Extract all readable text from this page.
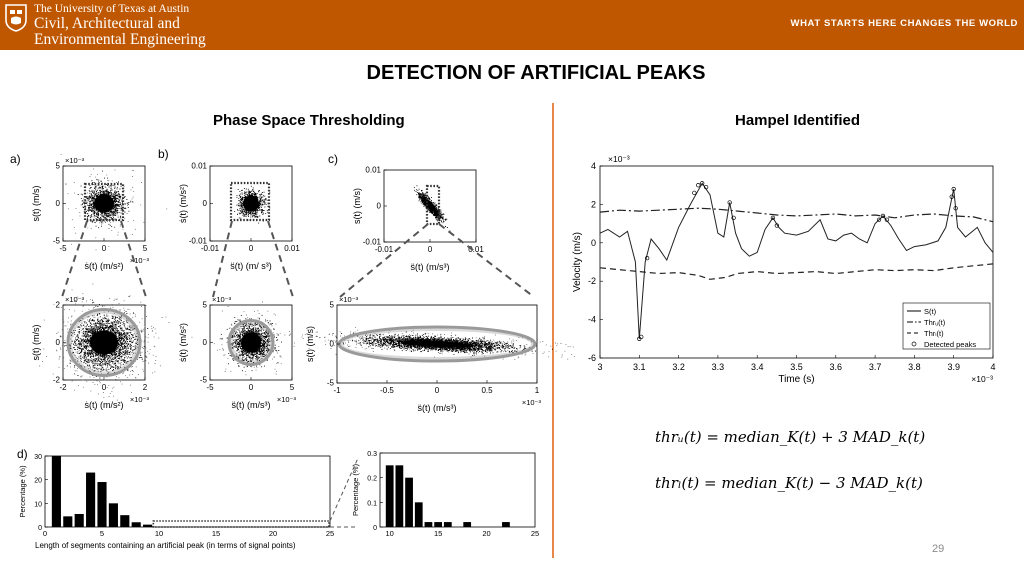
The University of Texas at Austin
Civil, Architectural and
Environmental Engineering
WHAT STARTS HERE CHANGES THE WORLD
DETECTION OF ARTIFICIAL PEAKS
Phase Space Thresholding	Hampel Identified
a)	b)	c)
d)
-5	0	5
5
0
-5
×10⁻³
×10⁻³
ṡ(t) (m/s²)
s(t) (m/s)
-2	0	2
2
0
-2
×10⁻³
×10⁻³
ṡ(t) (m/s²)
s(t) (m/s)
-0.01	0	0.01
0.01
0
-0.01
s̈(t) (m/ s³)
ṡ(t) (m/s²)
-5	0	5
5
0
-5
×10⁻³
×10⁻³
s̈(t) (m/s³)
ṡ(t) (m/s²)
-0.01	0	0.01
0.01
0
-0.01
s̈(t) (m/s³)
s(t) (m/s)
-1	-0.5	0	0.5	1
5
0
-5
×10⁻³
×10⁻³
s̈(t) (m/s³)
s(t) (m/s)
0	5	10	15	20	25
0
10
20
30
Length of segments containing an artificial peak (in terms of signal points)
Percentage (%)
10	15	20	25
0
0.1
0.2
0.3
Percentage (%)
3	3.1	3.2	3.3	3.4	3.5	3.6	3.7	3.8	3.9	4
4
2
0
-2
-4
-6
×10⁻³
×10⁻³
Time (s)
Velocity (m/s)
S(t)
Thrᵤ(t)
Thrₗ(t)
Detected peaks
thrᵤ(t) = median_K(t) + 3 MAD_k(t)
thrₗ(t) = median_K(t) − 3 MAD_k(t)
29
